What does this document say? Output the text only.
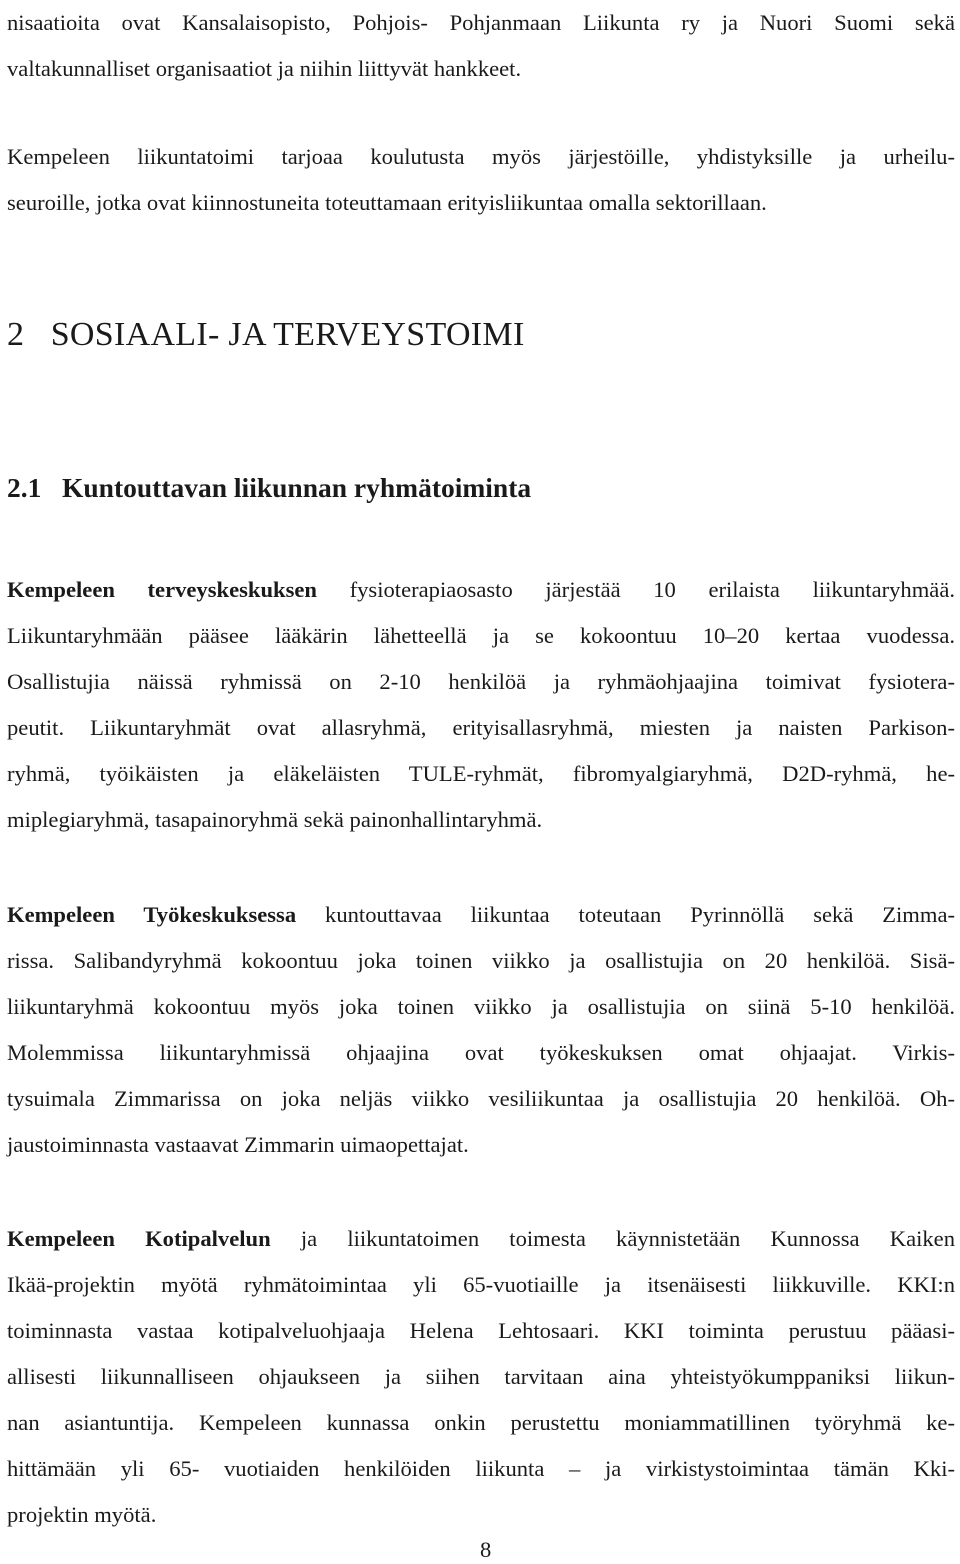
nisaatioita ovat Kansalaisopisto, Pohjois- Pohjanmaan Liikunta ry ja Nuori Suomi sekä
valtakunnalliset organisaatiot ja niihin liittyvät hankkeet.

Kempeleen liikuntatoimi tarjoaa koulutusta myös järjestöille, yhdistyksille ja urheilu-
seuroille, jotka ovat kiinnostuneita toteuttamaan erityisliikuntaa omalla sektorillaan.

2   SOSIAALI- JA TERVEYSTOIMI
2.1   Kuntouttavan liikunnan ryhmätoiminta

Kempeleen terveyskeskuksen fysioterapiaosasto järjestää 10 erilaista liikuntaryhmää.
Liikuntaryhmään pääsee lääkärin lähetteellä ja se kokoontuu 10–20 kertaa vuodessa.
Osallistujia näissä ryhmissä on 2-10 henkilöä ja ryhmäohjaajina toimivat fysiotera-
peutit. Liikuntaryhmät ovat allasryhmä, erityisallasryhmä, miesten ja naisten Parkison-
ryhmä, työikäisten ja eläkeläisten TULE-ryhmät, fibromyalgiaryhmä, D2D-ryhmä, he-
miplegiaryhmä, tasapainoryhmä sekä painonhallintaryhmä.

Kempeleen Työkeskuksessa kuntouttavaa liikuntaa toteutaan Pyrinnöllä sekä Zimma-
rissa. Salibandyryhmä kokoontuu joka toinen viikko ja osallistujia on 20 henkilöä. Sisä-
liikuntaryhmä kokoontuu myös joka toinen viikko ja osallistujia on siinä 5-10 henkilöä.
Molemmissa liikuntaryhmissä ohjaajina ovat työkeskuksen omat ohjaajat. Virkis-
tysuimala Zimmarissa on joka neljäs viikko vesiliikuntaa ja osallistujia 20 henkilöä. Oh-
jaustoiminnasta vastaavat Zimmarin uimaopettajat.

Kempeleen Kotipalvelun ja liikuntatoimen toimesta käynnistetään Kunnossa Kaiken
Ikää-projektin myötä ryhmätoimintaa yli 65-vuotiaille ja itsenäisesti liikkuville. KKI:n
toiminnasta vastaa kotipalveluohjaaja Helena Lehtosaari. KKI toiminta perustuu pääasi-
allisesti liikunnalliseen ohjaukseen ja siihen tarvitaan aina yhteistyökumppaniksi liikun-
nan asiantuntija. Kempeleen kunnassa onkin perustettu moniammatillinen työryhmä ke-
hittämään yli 65- vuotiaiden henkilöiden liikunta – ja virkistystoimintaa tämän Kki-
projektin myötä.

8
